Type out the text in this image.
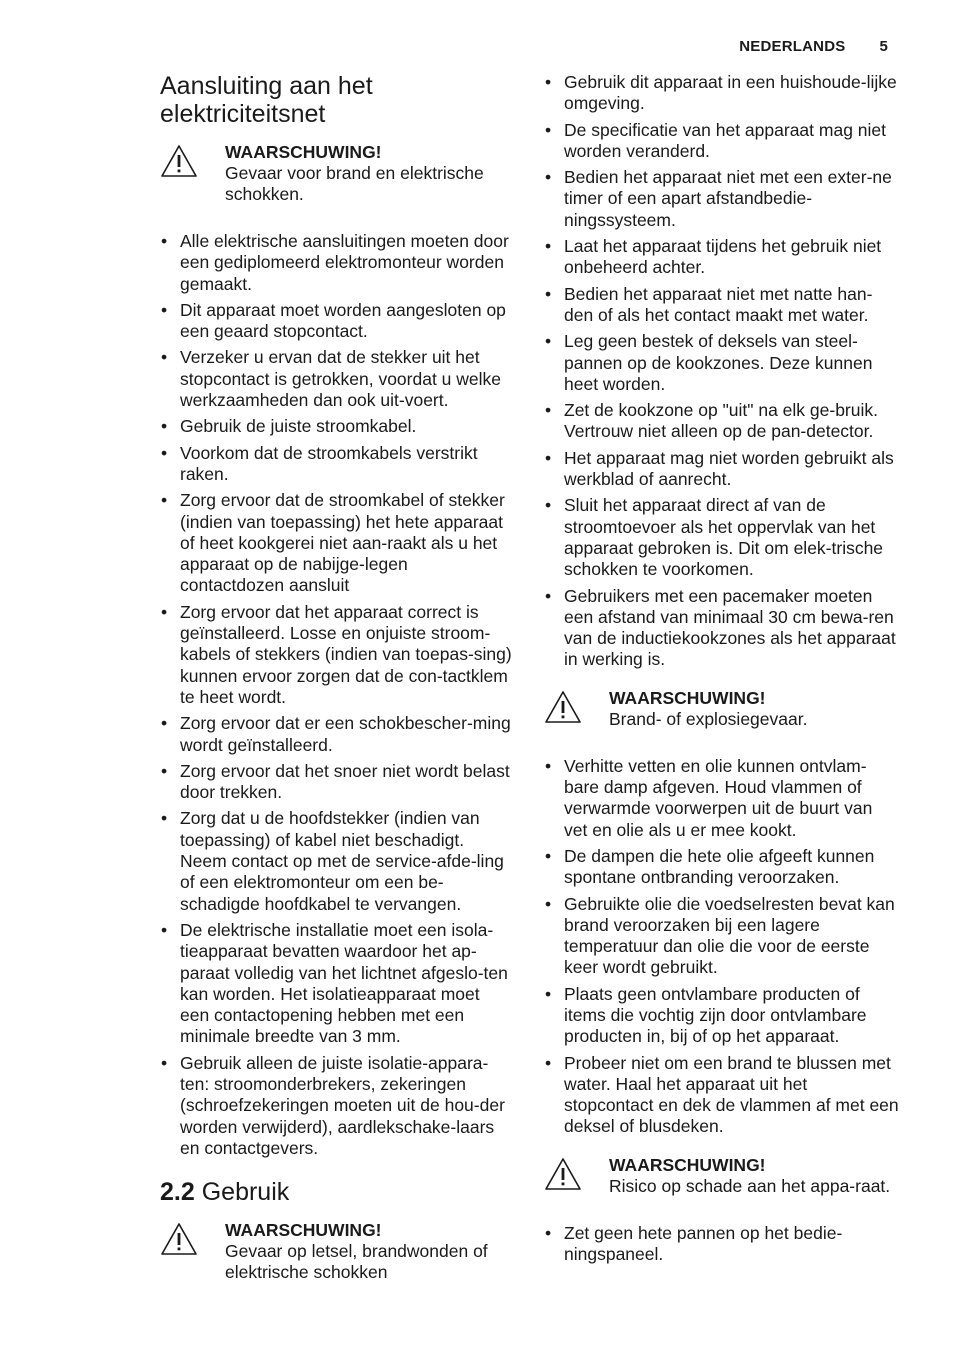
NEDERLANDS 5
Aansluiting aan het
elektriciteitsnet
WAARSCHUWING!
Gevaar voor brand en elektrische schokken.
• Alle elektrische aansluitingen moeten door een gediplomeerd elektromonteur worden gemaakt.
• Dit apparaat moet worden aangesloten op een geaard stopcontact.
• Verzeker u ervan dat de stekker uit het stopcontact is getrokken, voordat u welke werkzaamheden dan ook uit-voert.
• Gebruik de juiste stroomkabel.
• Voorkom dat de stroomkabels verstrikt raken.
• Zorg ervoor dat de stroomkabel of stekker (indien van toepassing) het hete apparaat of heet kookgerei niet aan-raakt als u het apparaat op de nabijge-legen contactdozen aansluit
• Zorg ervoor dat het apparaat correct is geïnstalleerd. Losse en onjuiste stroom-kabels of stekkers (indien van toepas-sing) kunnen ervoor zorgen dat de con-tactklem te heet wordt.
• Zorg ervoor dat er een schokbescher-ming wordt geïnstalleerd.
• Zorg ervoor dat het snoer niet wordt belast door trekken.
• Zorg dat u de hoofdstekker (indien van toepassing) of kabel niet beschadigt. Neem contact op met de service-afde-ling of een elektromonteur om een be-schadigde hoofdkabel te vervangen.
• De elektrische installatie moet een isola-tieapparaat bevatten waardoor het ap-paraat volledig van het lichtnet afgeslo-ten kan worden. Het isolatieapparaat moet een contactopening hebben met een minimale breedte van 3 mm.
• Gebruik alleen de juiste isolatie-appara-ten: stroomonderbrekers, zekeringen (schroefzekeringen moeten uit de hou-der worden verwijderd), aardlekschake-laars en contactgevers.
2.2 Gebruik
WAARSCHUWING!
Gevaar op letsel, brandwonden of elektrische schokken
• Gebruik dit apparaat in een huishoude-lijke omgeving.
• De specificatie van het apparaat mag niet worden veranderd.
• Bedien het apparaat niet met een exter-ne timer of een apart afstandbedie-ningssysteem.
• Laat het apparaat tijdens het gebruik niet onbeheerd achter.
• Bedien het apparaat niet met natte han-den of als het contact maakt met water.
• Leg geen bestek of deksels van steel-pannen op de kookzones. Deze kunnen heet worden.
• Zet de kookzone op "uit" na elk ge-bruik. Vertrouw niet alleen op de pan-detector.
• Het apparaat mag niet worden gebruikt als werkblad of aanrecht.
• Sluit het apparaat direct af van de stroomtoevoer als het oppervlak van het apparaat gebroken is. Dit om elek-trische schokken te voorkomen.
• Gebruikers met een pacemaker moeten een afstand van minimaal 30 cm bewa-ren van de inductiekookzones als het apparaat in werking is.
WAARSCHUWING!
Brand- of explosiegevaar.
• Verhitte vetten en olie kunnen ontvlam-bare damp afgeven. Houd vlammen of verwarmde voorwerpen uit de buurt van vet en olie als u er mee kookt.
• De dampen die hete olie afgeeft kunnen spontane ontbranding veroorzaken.
• Gebruikte olie die voedselresten bevat kan brand veroorzaken bij een lagere temperatuur dan olie die voor de eerste keer wordt gebruikt.
• Plaats geen ontvlambare producten of items die vochtig zijn door ontvlambare producten in, bij of op het apparaat.
• Probeer niet om een brand te blussen met water. Haal het apparaat uit het stopcontact en dek de vlammen af met een deksel of blusdeken.
WAARSCHUWING!
Risico op schade aan het appa-raat.
• Zet geen hete pannen op het bedie-ningspaneel.
